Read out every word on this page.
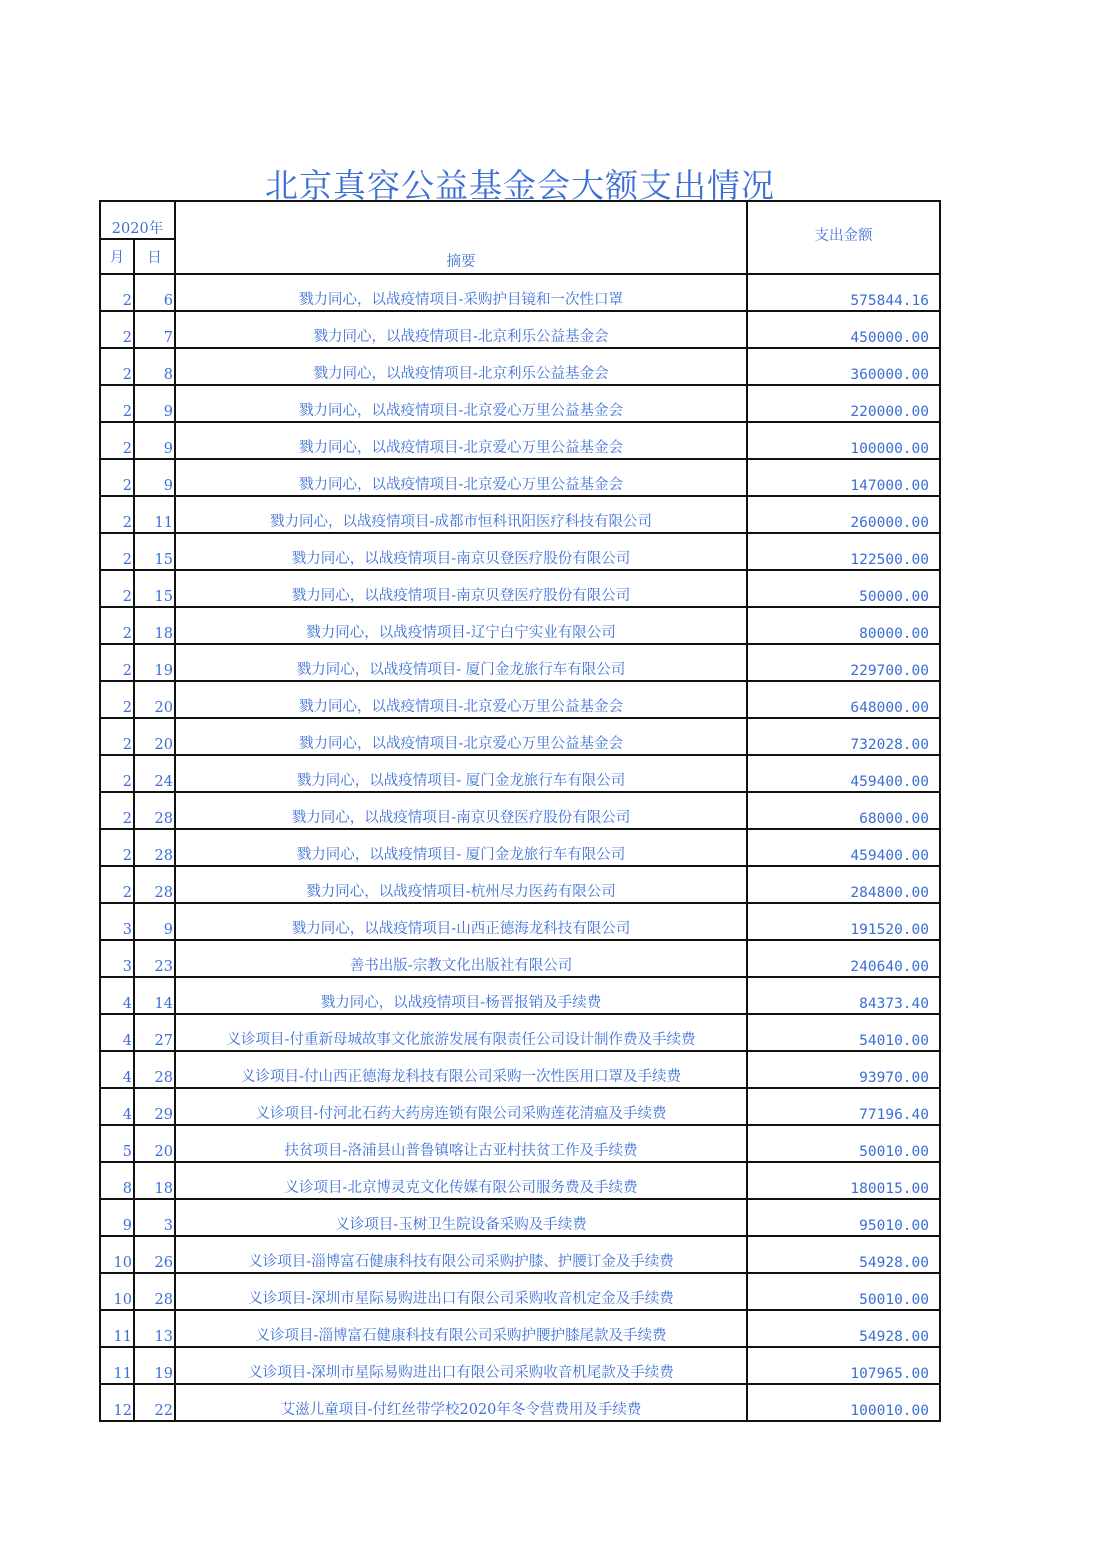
北京真容公益基金会大额支出情况
2020年		摘要	支出金额
月	日		
2	6	戮力同心，以战疫情项目-采购护目镜和一次性口罩	575844.16
2	7	戮力同心，以战疫情项目-北京利乐公益基金会	450000.00
2	8	戮力同心，以战疫情项目-北京利乐公益基金会	360000.00
2	9	戮力同心，以战疫情项目-北京爱心万里公益基金会	220000.00
2	9	戮力同心，以战疫情项目-北京爱心万里公益基金会	100000.00
2	9	戮力同心，以战疫情项目-北京爱心万里公益基金会	147000.00
2	11	戮力同心，以战疫情项目-成都市恒科讯阳医疗科技有限公司	260000.00
2	15	戮力同心，以战疫情项目-南京贝登医疗股份有限公司	122500.00
2	15	戮力同心，以战疫情项目-南京贝登医疗股份有限公司	50000.00
2	18	戮力同心，以战疫情项目-辽宁白宁实业有限公司	80000.00
2	19	戮力同心，以战疫情项目- 厦门金龙旅行车有限公司	229700.00
2	20	戮力同心，以战疫情项目-北京爱心万里公益基金会	648000.00
2	20	戮力同心，以战疫情项目-北京爱心万里公益基金会	732028.00
2	24	戮力同心，以战疫情项目- 厦门金龙旅行车有限公司	459400.00
2	28	戮力同心，以战疫情项目-南京贝登医疗股份有限公司	68000.00
2	28	戮力同心，以战疫情项目- 厦门金龙旅行车有限公司	459400.00
2	28	戮力同心，以战疫情项目-杭州尽力医药有限公司	284800.00
3	9	戮力同心，以战疫情项目-山西正德海龙科技有限公司	191520.00
3	23	善书出版-宗教文化出版社有限公司	240640.00
4	14	戮力同心，以战疫情项目-杨晋报销及手续费	84373.40
4	27	义诊项目-付重新母城故事文化旅游发展有限责任公司设计制作费及手续费	54010.00
4	28	义诊项目-付山西正德海龙科技有限公司采购一次性医用口罩及手续费	93970.00
4	29	义诊项目-付河北石药大药房连锁有限公司采购莲花清瘟及手续费	77196.40
5	20	扶贫项目-洛浦县山普鲁镇喀让古亚村扶贫工作及手续费	50010.00
8	18	义诊项目-北京博灵克文化传媒有限公司服务费及手续费	180015.00
9	3	义诊项目-玉树卫生院设备采购及手续费	95010.00
10	26	义诊项目-淄博富石健康科技有限公司采购护膝、护腰订金及手续费	54928.00
10	28	义诊项目-深圳市星际易购进出口有限公司采购收音机定金及手续费	50010.00
11	13	义诊项目-淄博富石健康科技有限公司采购护腰护膝尾款及手续费	54928.00
11	19	义诊项目-深圳市星际易购进出口有限公司采购收音机尾款及手续费	107965.00
12	22	艾滋儿童项目-付红丝带学校2020年冬令营费用及手续费	100010.00
